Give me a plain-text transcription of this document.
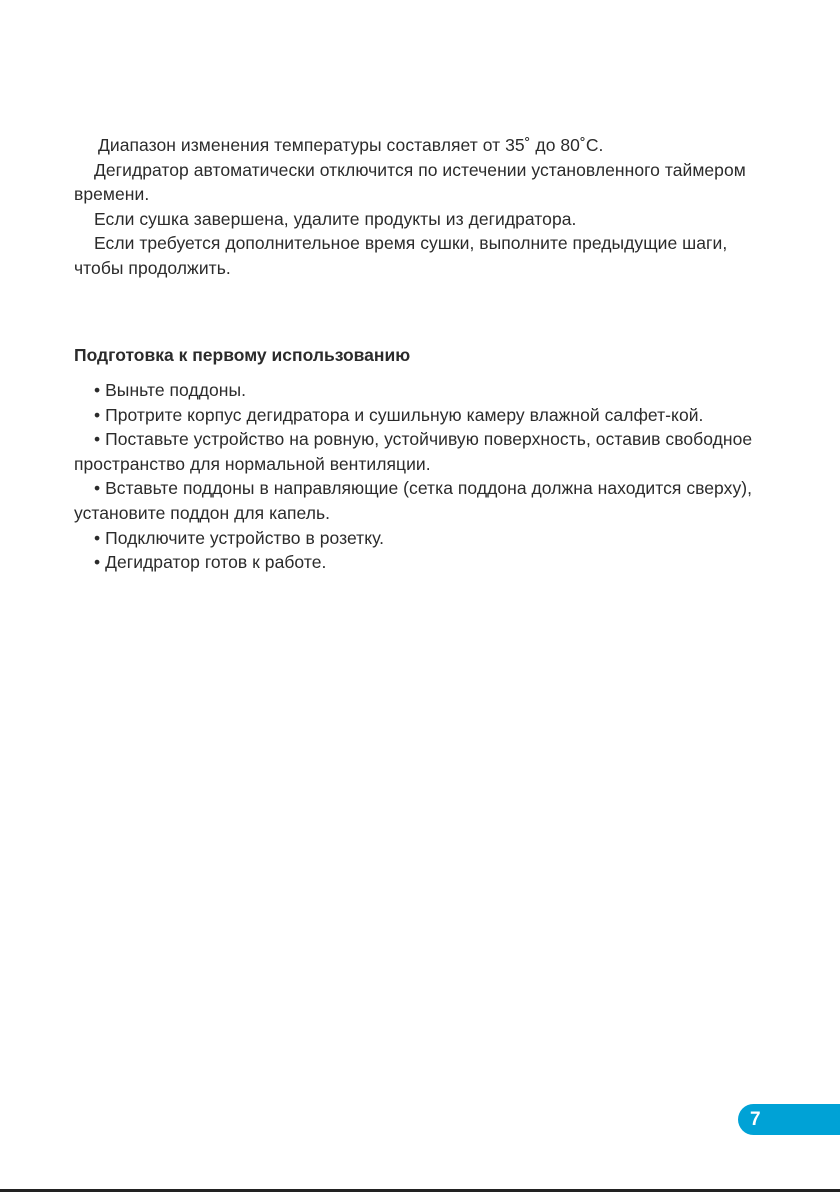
Диапазон изменения температуры составляет от 35˚ до 80˚С.

Дегидратор автоматически отключится по истечении установленного таймером времени.

Если сушка завершена, удалите продукты из дегидратора.

Если требуется дополнительное время сушки, выполните предыдущие шаги, чтобы продолжить.

Подготовка к первому использованию

• Выньте поддоны.

• Протрите корпус дегидратора и сушильную камеру влажной салфет-кой.

• Поставьте устройство на ровную, устойчивую поверхность, оставив свободное пространство для нормальной вентиляции.

• Вставьте поддоны в направляющие (сетка поддона должна находится сверху), установите поддон для капель.

• Подключите устройство в розетку.

• Дегидратор готов к работе.

7
